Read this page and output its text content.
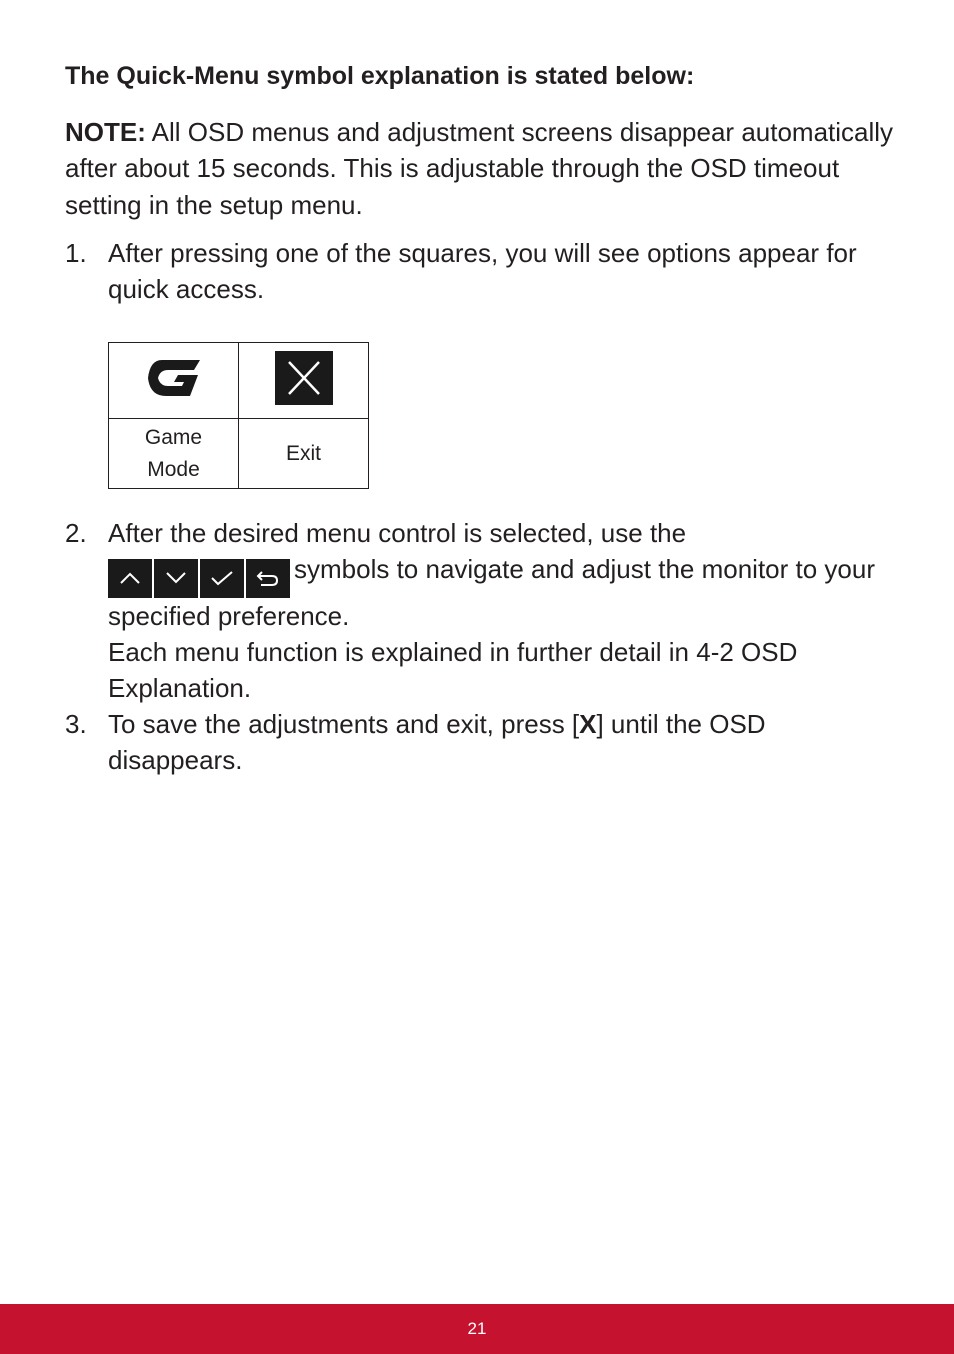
The Quick-Menu symbol explanation is stated below:

NOTE: All OSD menus and adjustment screens disappear automatically after about 15 seconds. This is adjustable through the OSD timeout setting in the setup menu.

1. After pressing one of the squares, you will see options appear for quick access.

Game
Mode	Exit
2. After the desired menu control is selected, use the

symbols to navigate and adjust the monitor to your specified preference.
Each menu function is explained in further detail in 4-2 OSD Explanation.
3. To save the adjustments and exit, press [X] until the OSD disappears.
21
